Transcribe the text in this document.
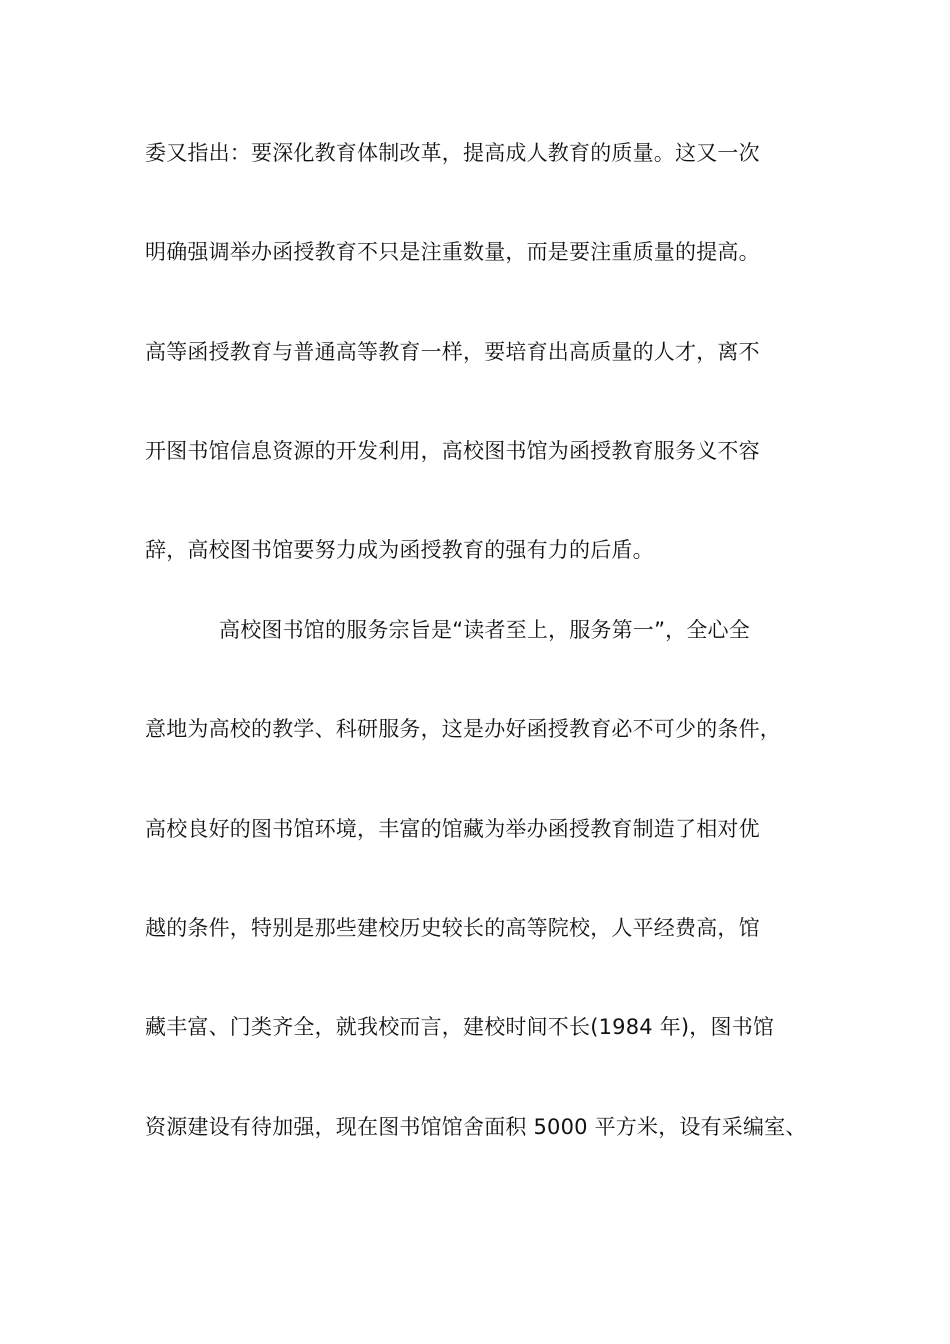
委又指出：要深化教育体制改革，提高成人教育的质量。这又一次
明确强调举办函授教育不只是注重数量，而是要注重质量的提高。
高等函授教育与普通高等教育一样，要培育出高质量的人才，离不
开图书馆信息资源的开发利用，高校图书馆为函授教育服务义不容
辞，高校图书馆要努力成为函授教育的强有力的后盾。
高校图书馆的服务宗旨是“读者至上，服务第一”，全心全
意地为高校的教学、科研服务，这是办好函授教育必不可少的条件，
高校良好的图书馆环境，丰富的馆藏为举办函授教育制造了相对优
越的条件，特别是那些建校历史较长的高等院校，人平经费高，馆
藏丰富、门类齐全，就我校而言，建校时间不长(1984 年)，图书馆
资源建设有待加强，现在图书馆馆舍面积 5000 平方米，设有采编室、
